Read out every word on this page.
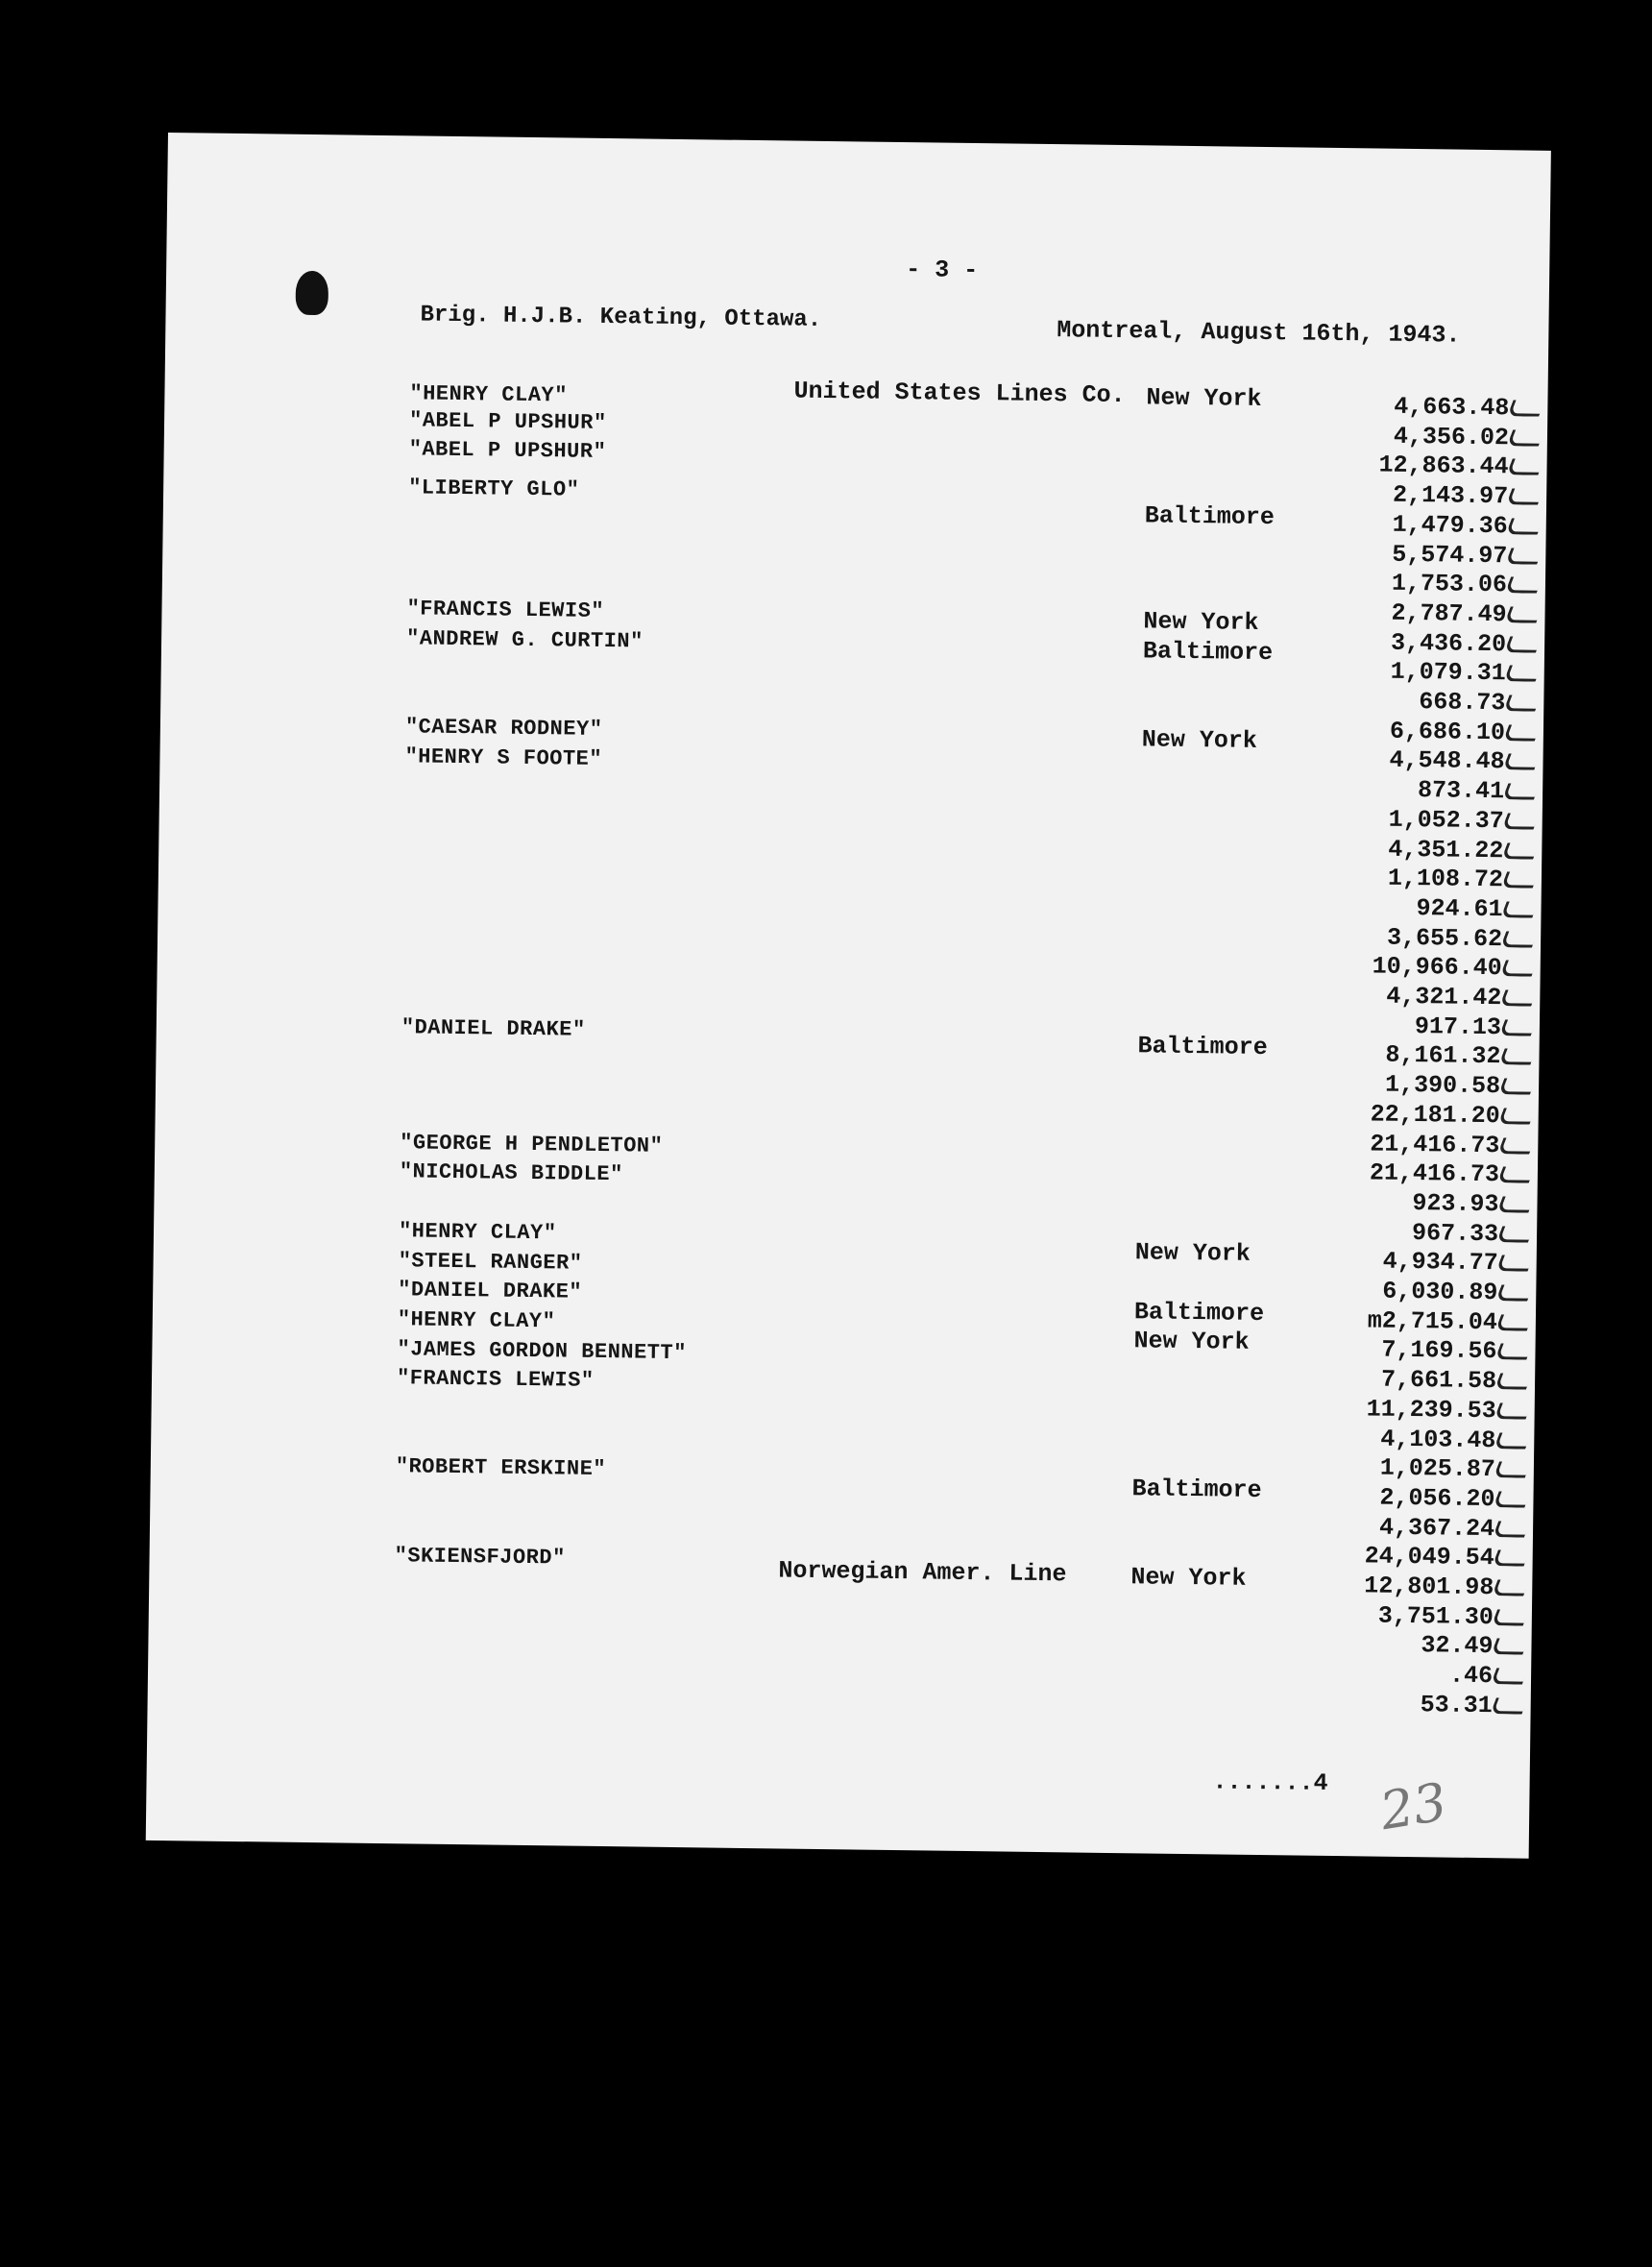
- 3 -
Brig. H.J.B. Keating, Ottawa.	Montreal, August 16th, 1943.
"HENRY CLAY"
"ABEL P UPSHUR"
"ABEL P UPSHUR"
"LIBERTY GLO"
"FRANCIS LEWIS"
"ANDREW G. CURTIN"
"CAESAR RODNEY"
"HENRY S FOOTE"
"DANIEL DRAKE"
"GEORGE H PENDLETON"
"NICHOLAS BIDDLE"
"HENRY CLAY"
"STEEL RANGER"
"DANIEL DRAKE"
"HENRY CLAY"
"JAMES GORDON BENNETT"
"FRANCIS LEWIS"
"ROBERT ERSKINE"
"SKIENSFJORD"
United States Lines Co.
Norwegian Amer. Line
New York
Baltimore
New York
Baltimore
New York
Baltimore
New York
Baltimore
New York
Baltimore
New York
4,663.48
4,356.02
12,863.44
2,143.97
1,479.36
5,574.97
1,753.06
2,787.49
3,436.20
1,079.31
668.73
6,686.10
4,548.48
873.41
1,052.37
4,351.22
1,108.72
924.61
3,655.62
10,966.40
4,321.42
917.13
8,161.32
1,390.58
22,181.20
21,416.73
21,416.73
923.93
967.33
4,934.77
6,030.89
m2,715.04
7,169.56
7,661.58
11,239.53
4,103.48
1,025.87
2,056.20
4,367.24
24,049.54
12,801.98
3,751.30
32.49
.46
53.31
.......4 23
